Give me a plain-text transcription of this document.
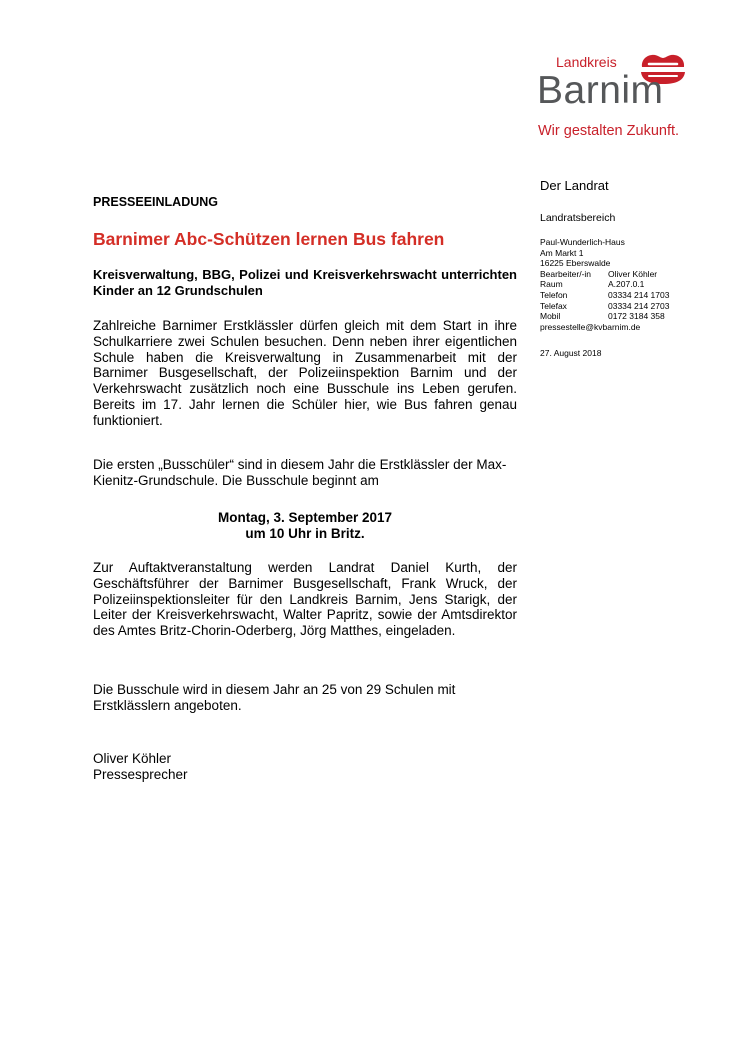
Landkreis
Barnim
Wir gestalten Zukunft.
Der Landrat
Landratsbereich
Paul-Wunderlich-Haus
Am Markt 1
16225 Eberswalde
Bearbeiter/-in Oliver Köhler
Raum	A.207.0.1
Telefon	03334 214 1703
Telefax	03334 214 2703
Mobil	0172 3184 358
pressestelle@kvbarnim.de
27. August 2018
PRESSEEINLADUNG
Barnimer Abc-Schützen lernen Bus fahren
Kreisverwaltung, BBG, Polizei und Kreisverkehrswacht unterrichten Kinder an 12 Grundschulen
Zahlreiche Barnimer Erstklässler dürfen gleich mit dem Start in ihre Schulkarriere zwei Schulen besuchen. Denn neben ihrer eigentlichen Schule haben die Kreisverwaltung in Zusammenarbeit mit der Barnimer Busgesellschaft, der Polizeiinspektion Barnim und der Verkehrswacht zusätzlich noch eine Busschule ins Leben gerufen. Bereits im 17. Jahr lernen die Schüler hier, wie Bus fahren genau funktioniert.
Die ersten „Busschüler“ sind in diesem Jahr die Erstklässler der Max-Kienitz-Grundschule. Die Busschule beginnt am
Montag, 3. September 2017
um 10 Uhr in Britz.
Zur Auftaktveranstaltung werden Landrat Daniel Kurth, der Geschäftsführer der Barnimer Busgesellschaft, Frank Wruck, der Polizeiinspektionsleiter für den Landkreis Barnim, Jens Starigk, der Leiter der Kreisverkehrswacht, Walter Papritz, sowie der Amtsdirektor des Amtes Britz-Chorin-Oderberg, Jörg Matthes, eingeladen.
Die Busschule wird in diesem Jahr an 25 von 29 Schulen mit Erstklässlern angeboten.
Oliver Köhler
Pressesprecher
